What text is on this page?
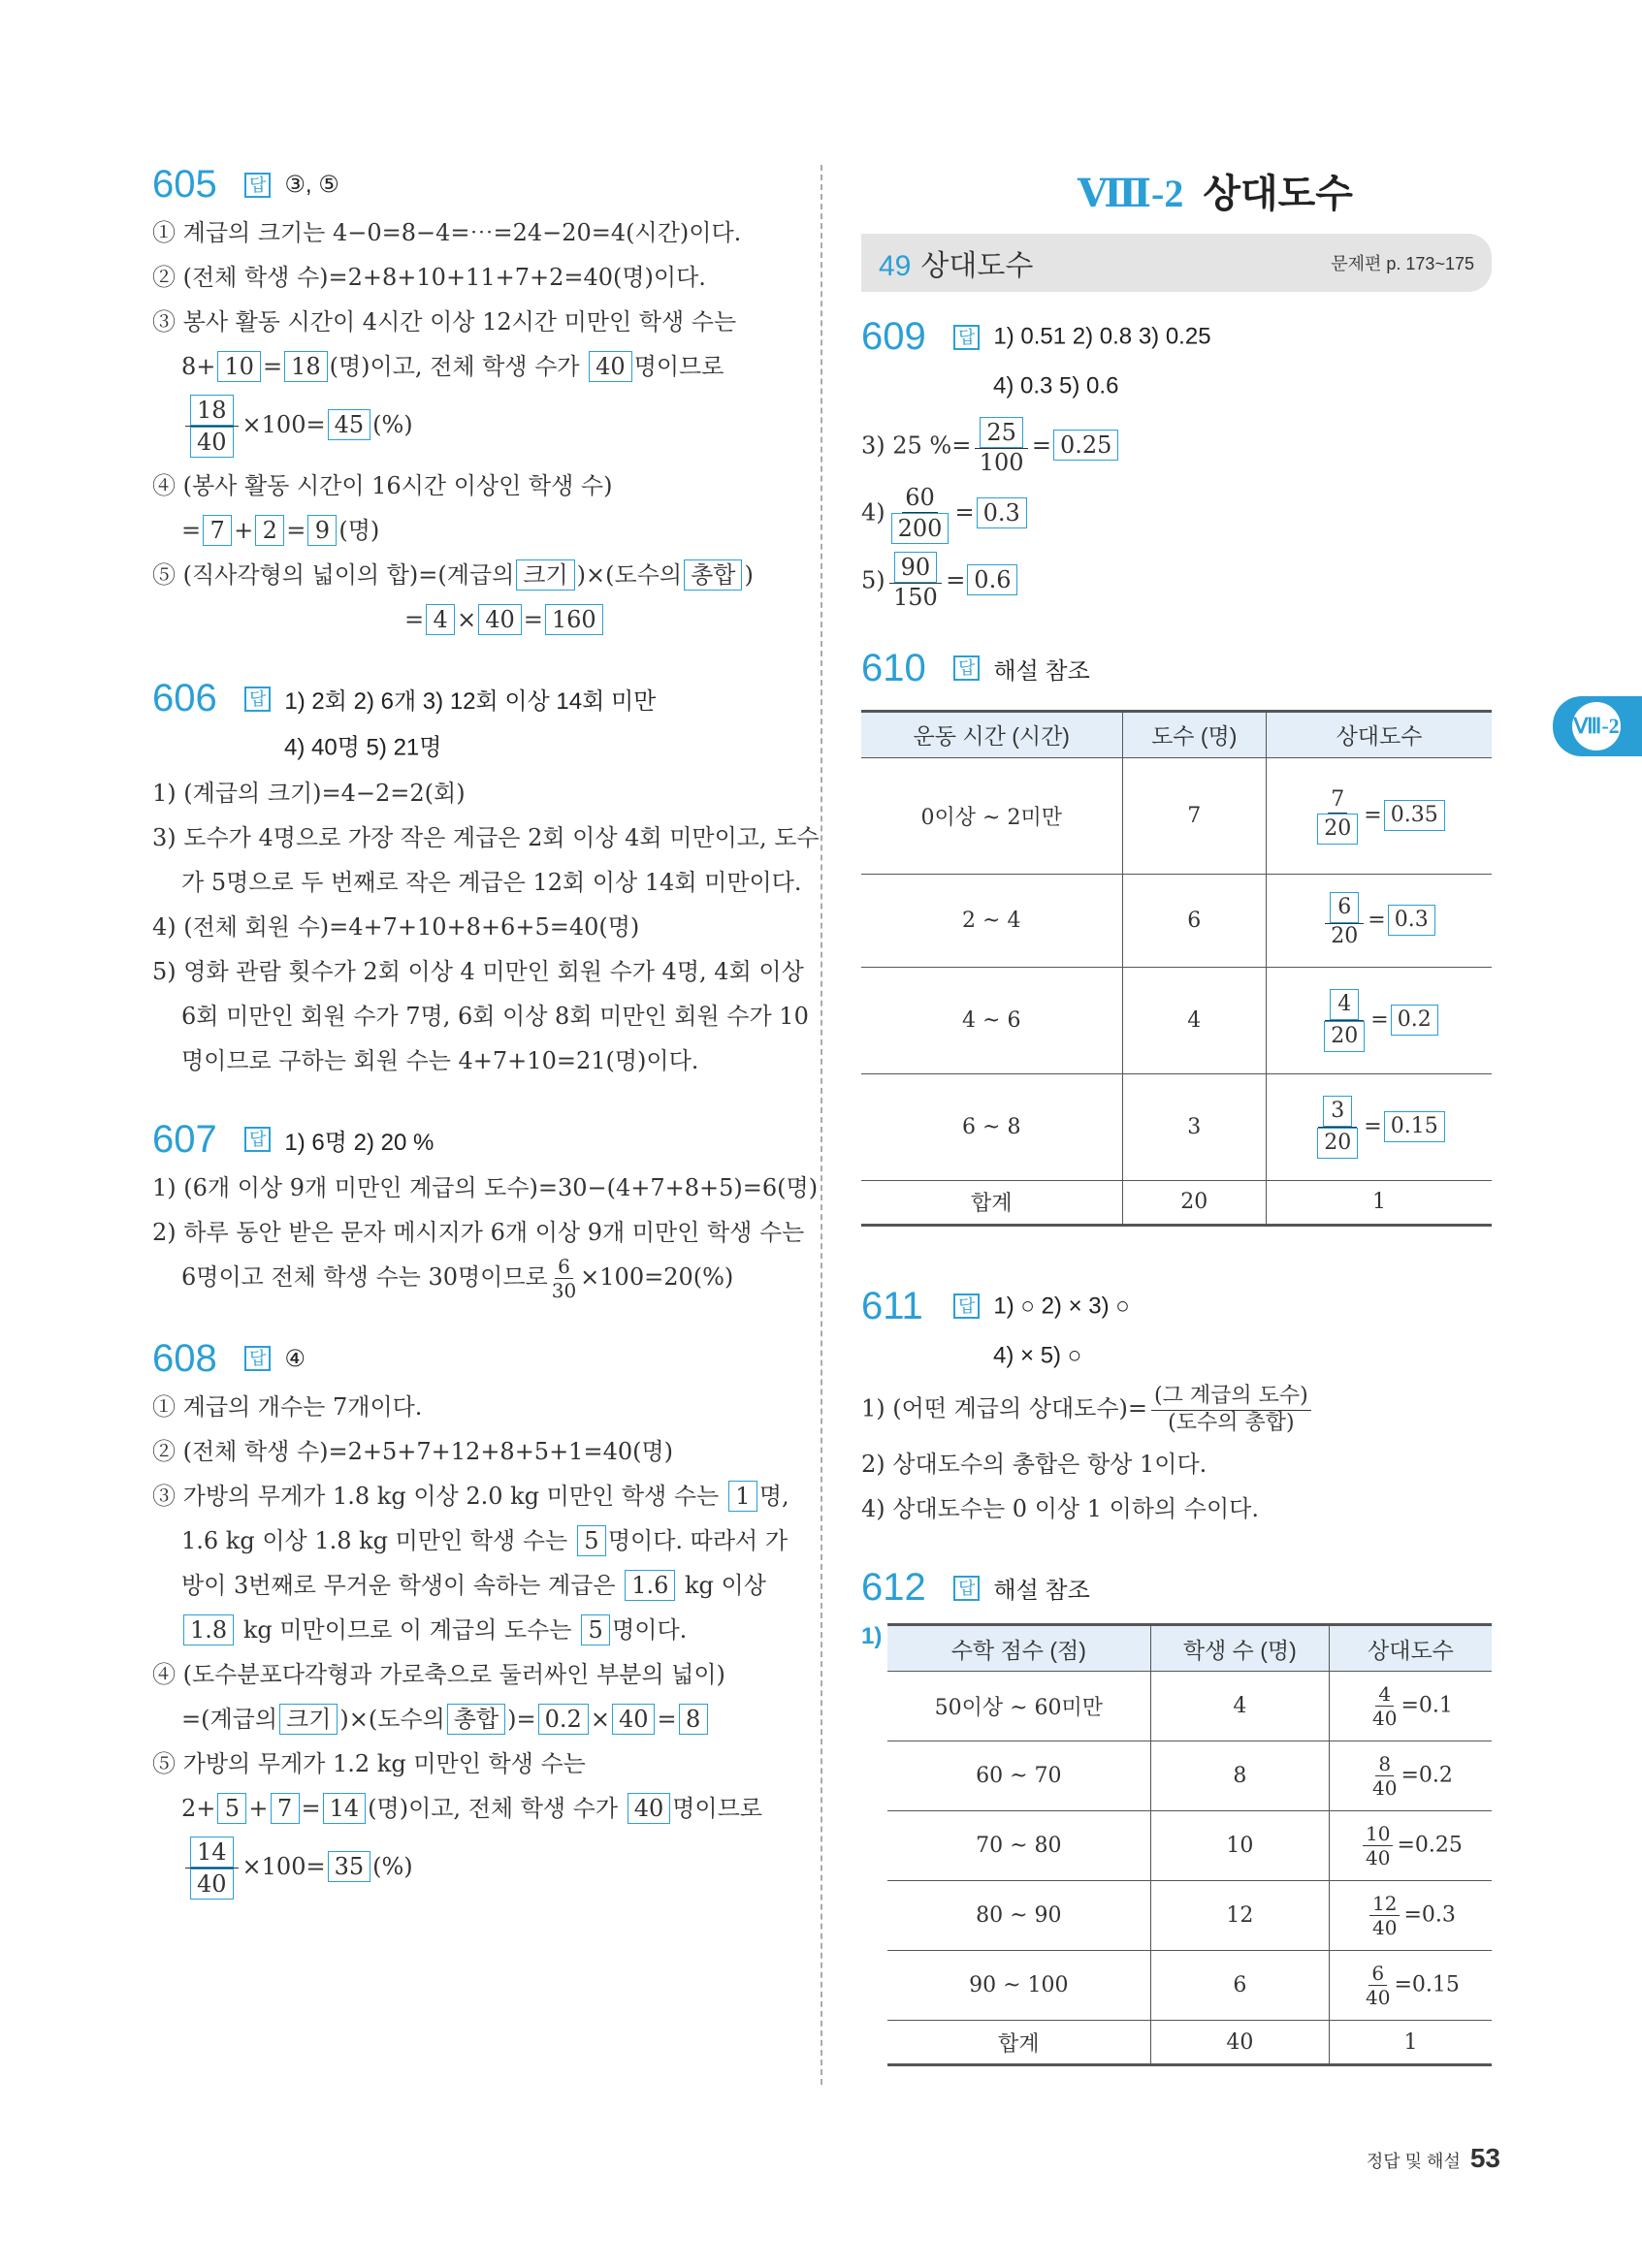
605 답 ③, ⑤
① 계급의 크기는 4−0=8−4=⋯=24−20=4(시간)이다.
② (전체 학생 수)=2+8+10+11+7+2=40(명)이다.
③ 봉사 활동 시간이 4시간 이상 12시간 미만인 학생 수는
8+ 10 = 18 (명)이고, 전체 학생 수가 40 명이므로
$\frac{18}{40} \times 100= 45$ (%)
④ (봉사 활동 시간이 16시간 이상인 학생 수)
= 7 + 2 = 9 (명)
⑤ (직사각형의 넓이의 합)=(계급의 크기 )×(도수의 총합 )
= 4 × 40 = 160
606 답 1) 2회 2) 6개 3) 12회 이상 14회 미만
4) 40명 5) 21명
1) (계급의 크기)=4−2=2(회)
3) 도수가 4명으로 가장 작은 계급은 2회 이상 4회 미만이고, 도수
가 5명으로 두 번째로 작은 계급은 12회 이상 14회 미만이다.
4) (전체 회원 수)=4+7+10+8+6+5=40(명)
5) 영화 관람 횟수가 2회 이상 4 미만인 회원 수가 4명, 4회 이상
6회 미만인 회원 수가 7명, 6회 이상 8회 미만인 회원 수가 10
명이므로 구하는 회원 수는 4+7+10=21(명)이다.
607 답 1) 6명 2) 20 %
1) (6개 이상 9개 미만인 계급의 도수)=30−(4+7+8+5)=6(명)
2) 하루 동안 받은 문자 메시지가 6개 이상 9개 미만인 학생 수는
6명이고 전체 학생 수는 30명이므로 $\frac{6}{30} \times 100=20(\%)$
608 답 ④
① 계급의 개수는 7개이다.
② (전체 학생 수)=2+5+7+12+8+5+1=40(명)
③ 가방의 무게가 1.8 kg 이상 2.0 kg 미만인 학생 수는 1 명,
1.6 kg 이상 1.8 kg 미만인 학생 수는 5 명이다. 따라서 가
방이 3번째로 무거운 학생이 속하는 계급은 1.6 kg 이상
1.8 kg 미만이므로 이 계급의 도수는 5 명이다.
④ (도수분포다각형과 가로축으로 둘러싸인 부분의 넓이)
=(계급의 크기 )×(도수의 총합 )= 0.2 × 40 = 8
⑤ 가방의 무게가 1.2 kg 미만인 학생 수는
2+ 5 + 7 = 14 (명)이고, 전체 학생 수가 40 명이므로
$\frac{14}{40} \times 100= 35$ (%)
Ⅷ-2 상대도수
49 상대도수	문제편 p. 173~175
609 답 1) 0.51 2) 0.8 3) 0.25
4) 0.3 5) 0.6
3) 25 %= $\frac{25}{100} = 0.25$
$4) \frac{60}{200} = 0.3$
$5) \frac{90}{150} = 0.6$
610 답 해설 참조
운동 시간 (시간)	도수 (명)	상대도수
0이상 ~ 2미만	7	$\frac{7}{20} = 0.35$
2 ~ 4	6	$\frac{6}{20} = 0.3$
4 ~ 6	4	$\frac{4}{20} = 0.2$
6 ~ 8	3	$\frac{3}{20} = 0.15$
합계	20	1
611 답 1) ○ 2) × 3) ○
4) × 5) ○
1) (어떤 계급의 상대도수)= $\frac{\text{(그 계급의 도수)}}{\text{(도수의 총합)}}$
2) 상대도수의 총합은 항상 1이다.
4) 상대도수는 0 이상 1 이하의 수이다.
612 답 해설 참조
1)
수학 점수 (점)	학생 수 (명)	상대도수
50이상 ~ 60미만	4	$\frac{4}{40} =0.1$
60 ~ 70	8	$\frac{8}{40} =0.2$
70 ~ 80	10	$\frac{10}{40} =0.25$
80 ~ 90	12	$\frac{12}{40} =0.3$
90 ~ 100	6	$\frac{6}{40} =0.15$
합계	40	1
Ⅷ-2
정답 및 해설 53
